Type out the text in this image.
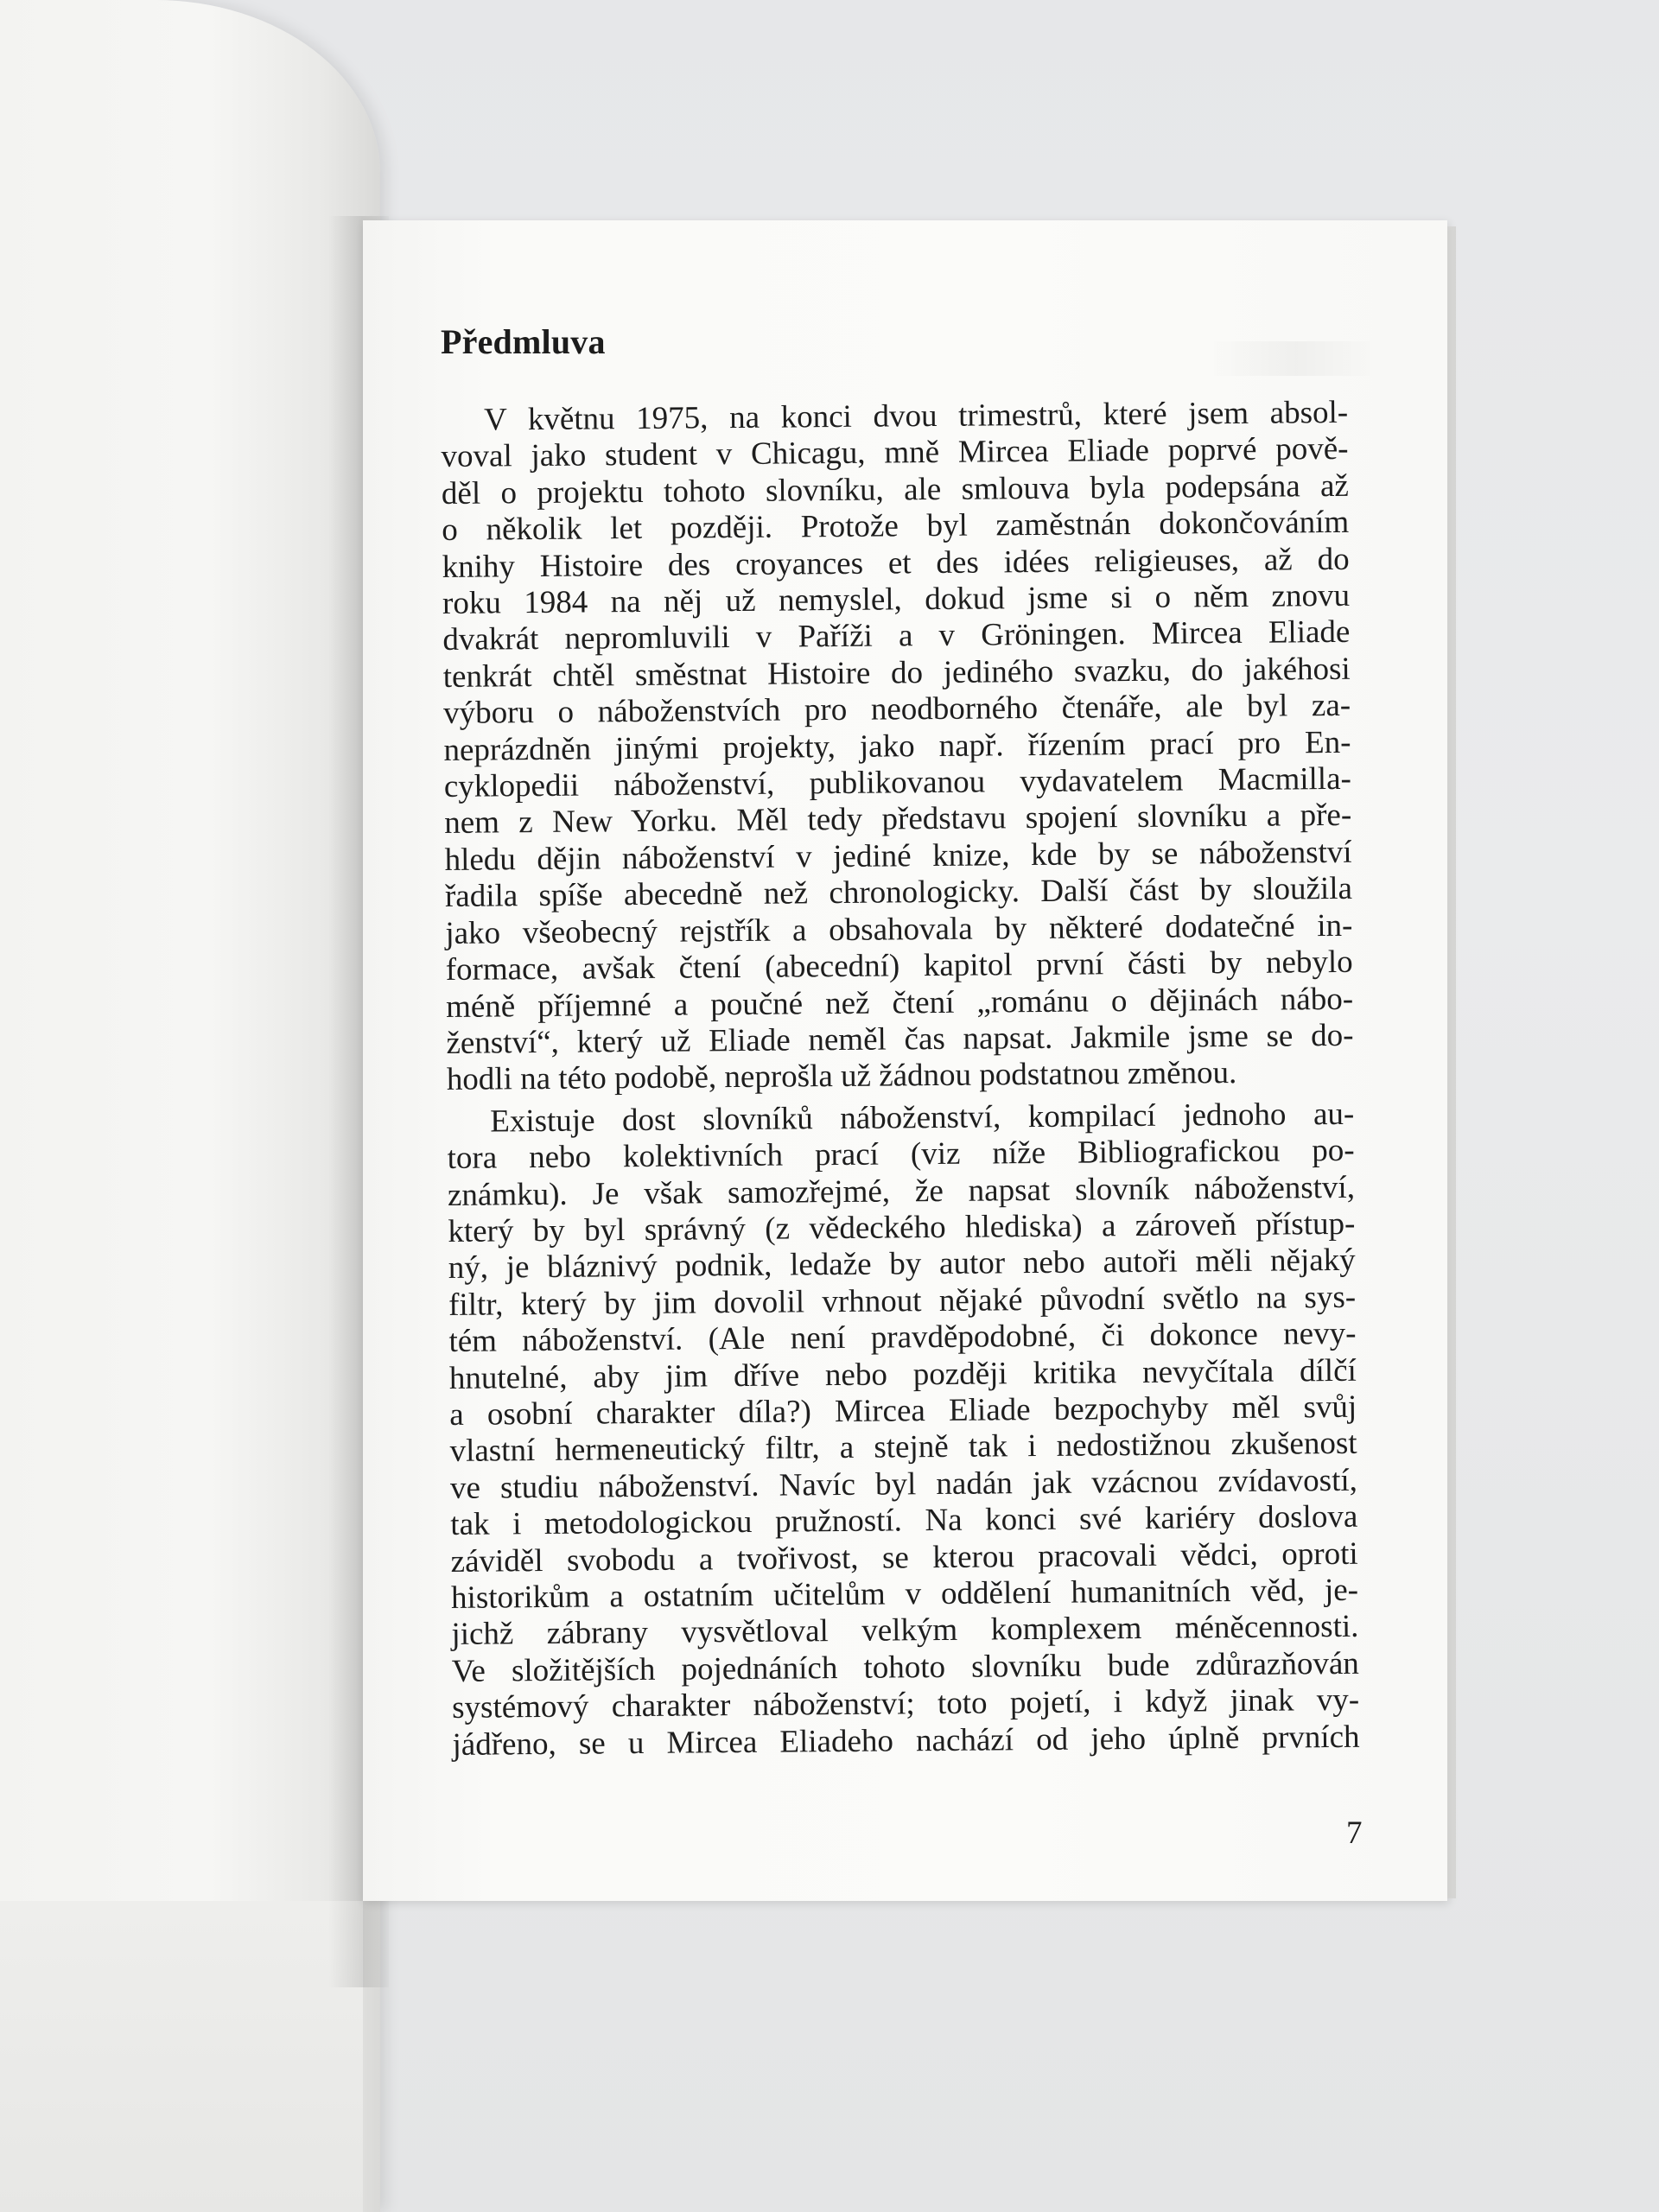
Předmluva
V květnu 1975, na konci dvou trimestrů, které jsem absol-
voval jako student v Chicagu, mně Mircea Eliade poprvé pově-
děl o projektu tohoto slovníku, ale smlouva byla podepsána až
o několik let později. Protože byl zaměstnán dokončováním
knihy Histoire des croyances et des idées religieuses, až do
roku 1984 na něj už nemyslel, dokud jsme si o něm znovu
dvakrát nepromluvili v Paříži a v Gröningen. Mircea Eliade
tenkrát chtěl směstnat Histoire do jediného svazku, do jakéhosi
výboru o náboženstvích pro neodborného čtenáře, ale byl za-
neprázdněn jinými projekty, jako např. řízením prací pro En-
cyklopedii náboženství, publikovanou vydavatelem Macmilla-
nem z New Yorku. Měl tedy představu spojení slovníku a pře-
hledu dějin náboženství v jediné knize, kde by se náboženství
řadila spíše abecedně než chronologicky. Další část by sloužila
jako všeobecný rejstřík a obsahovala by některé dodatečné in-
formace, avšak čtení (abecední) kapitol první části by nebylo
méně příjemné a poučné než čtení „románu o dějinách nábo-
ženství“, který už Eliade neměl čas napsat. Jakmile jsme se do-
hodli na této podobě, neprošla už žádnou podstatnou změnou.
Existuje dost slovníků náboženství, kompilací jednoho au-
tora nebo kolektivních prací (viz níže Bibliografickou po-
známku). Je však samozřejmé, že napsat slovník náboženství,
který by byl správný (z vědeckého hlediska) a zároveň přístup-
ný, je bláznivý podnik, ledaže by autor nebo autoři měli nějaký
filtr, který by jim dovolil vrhnout nějaké původní světlo na sys-
tém náboženství. (Ale není pravděpodobné, či dokonce nevy-
hnutelné, aby jim dříve nebo později kritika nevyčítala dílčí
a osobní charakter díla?) Mircea Eliade bezpochyby měl svůj
vlastní hermeneutický filtr, a stejně tak i nedostižnou zkušenost
ve studiu náboženství. Navíc byl nadán jak vzácnou zvídavostí,
tak i metodologickou pružností. Na konci své kariéry doslova
záviděl svobodu a tvořivost, se kterou pracovali vědci, oproti
historikům a ostatním učitelům v oddělení humanitních věd, je-
jichž zábrany vysvětloval velkým komplexem méněcennosti.
Ve složitějších pojednáních tohoto slovníku bude zdůrazňován
systémový charakter náboženství; toto pojetí, i když jinak vy-
jádřeno, se u Mircea Eliadeho nachází od jeho úplně prvních
7
